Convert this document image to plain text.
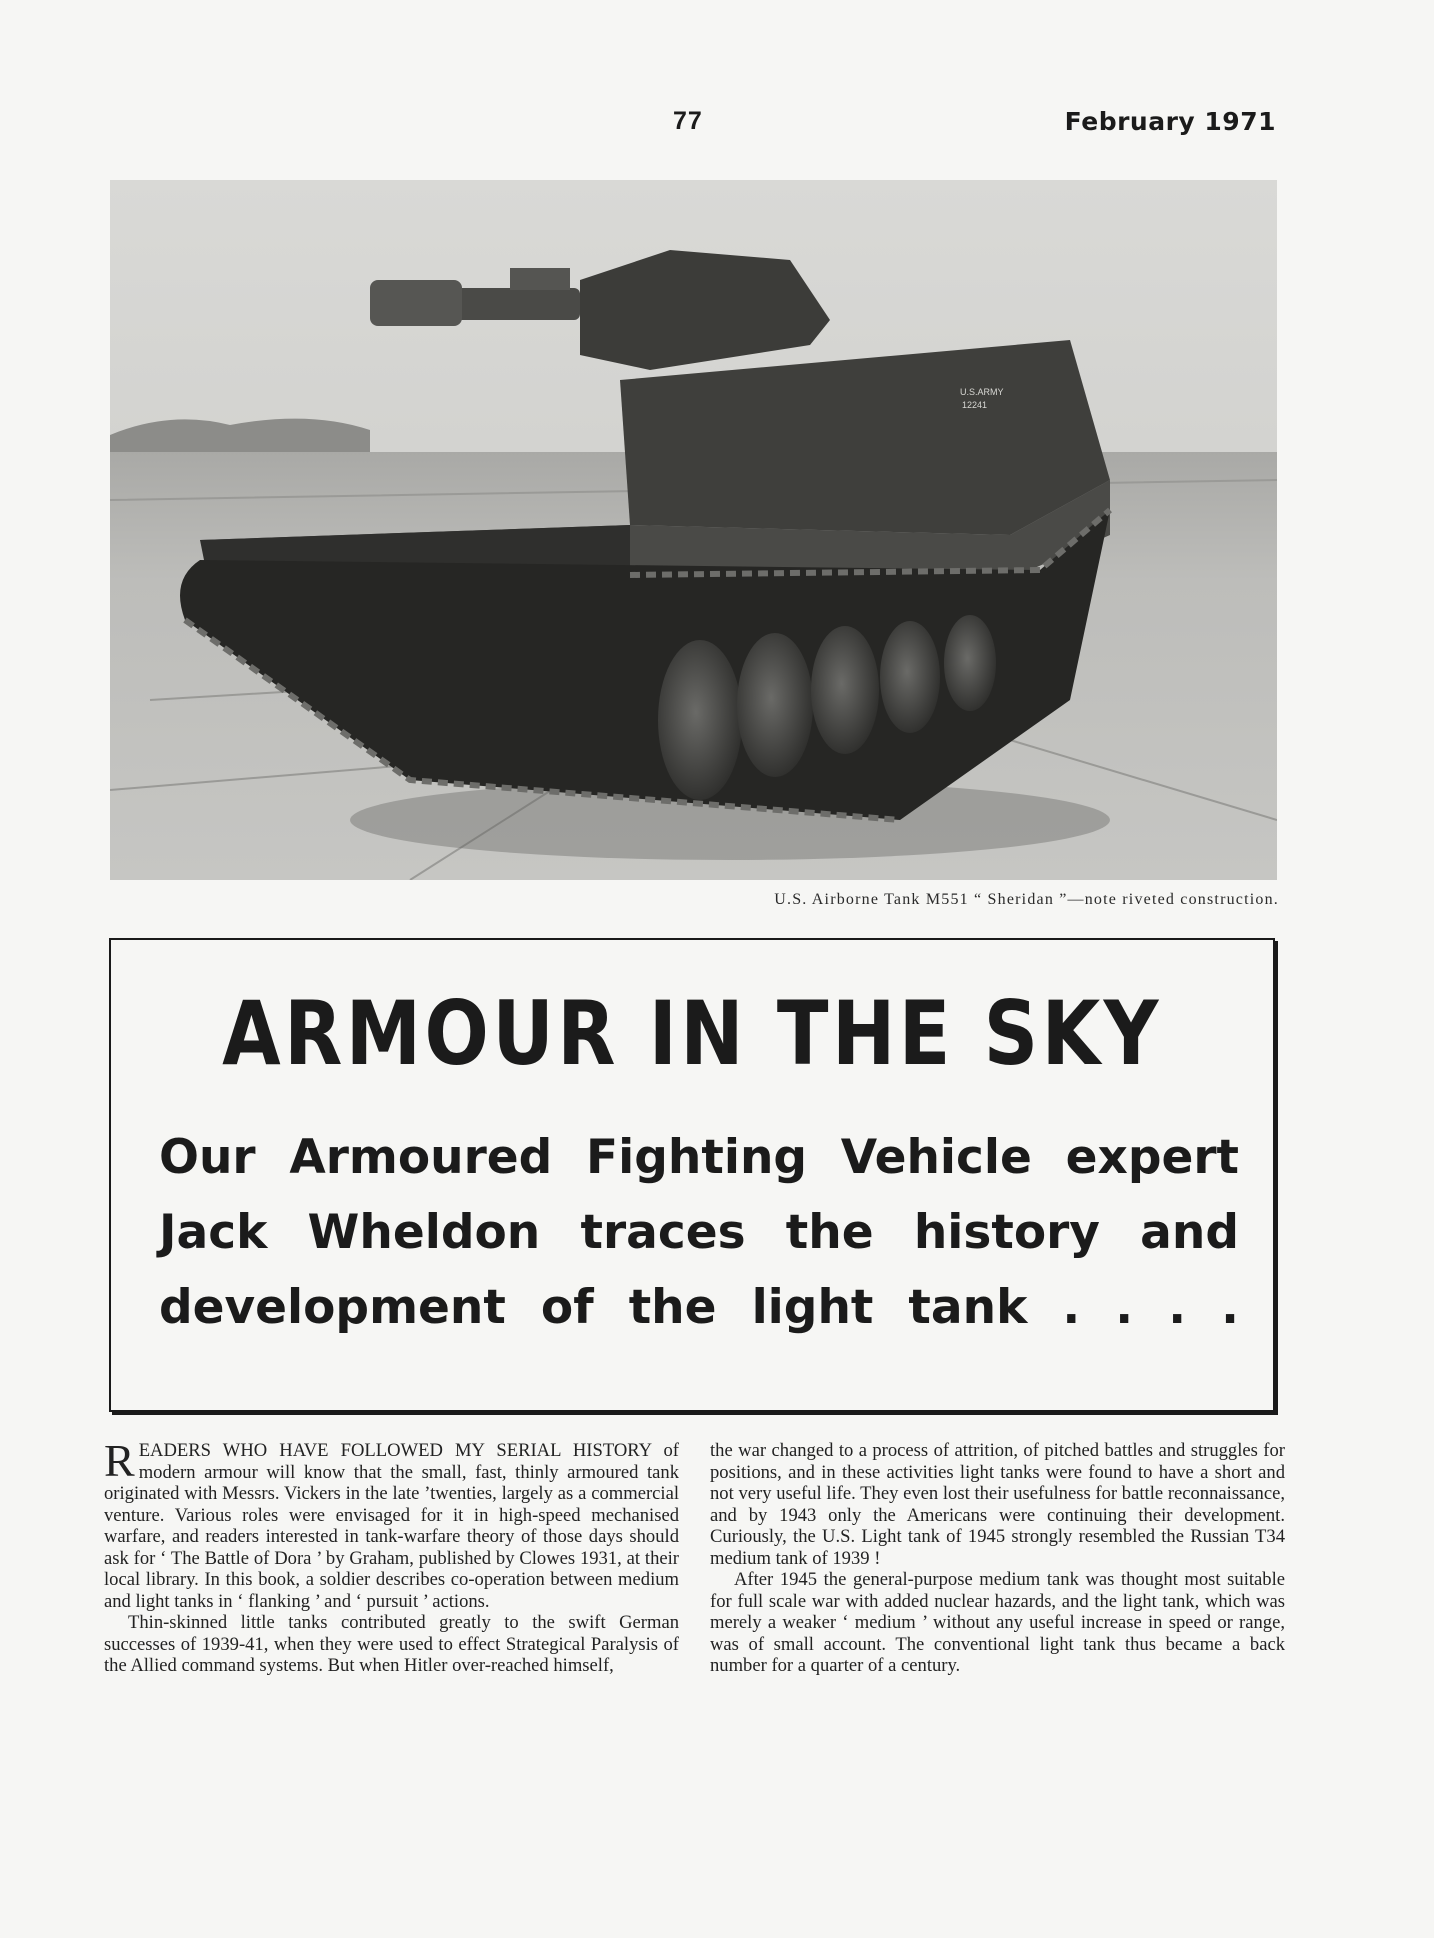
77	February 1971
U.S.ARMY
12241
U.S. Airborne Tank M551 “ Sheridan ”—note riveted construction.
ARMOUR IN THE SKY
Our Armoured Fighting Vehicle expert
Jack Wheldon traces the history and
development of the light tank . . . .

READERS WHO HAVE FOLLOWED MY SERIAL HISTORY of modern armour will know that the small, fast, thinly armoured tank originated with Messrs. Vickers in the late ’twenties, largely as a commercial venture. Various roles were envisaged for it in high-speed mechanised warfare, and readers interested in tank-warfare theory of those days should ask for ‘ The Battle of Dora ’ by Graham, published by Clowes 1931, at their local library. In this book, a soldier describes co-operation between medium and light tanks in ‘ flanking ’ and ‘ pursuit ’ actions.

Thin-skinned little tanks contributed greatly to the swift German successes of 1939-41, when they were used to effect Strategical Paralysis of the Allied command systems. But when Hitler over-reached himself,

the war changed to a process of attrition, of pitched battles and struggles for positions, and in these activities light tanks were found to have a short and not very useful life. They even lost their usefulness for battle reconnaissance, and by 1943 only the Americans were continuing their development. Curiously, the U.S. Light tank of 1945 strongly resembled the Russian T34 medium tank of 1939 !

After 1945 the general-purpose medium tank was thought most suitable for full scale war with added nuclear hazards, and the light tank, which was merely a weaker ‘ medium ’ without any useful increase in speed or range, was of small account. The conventional light tank thus became a back number for a quarter of a century.
